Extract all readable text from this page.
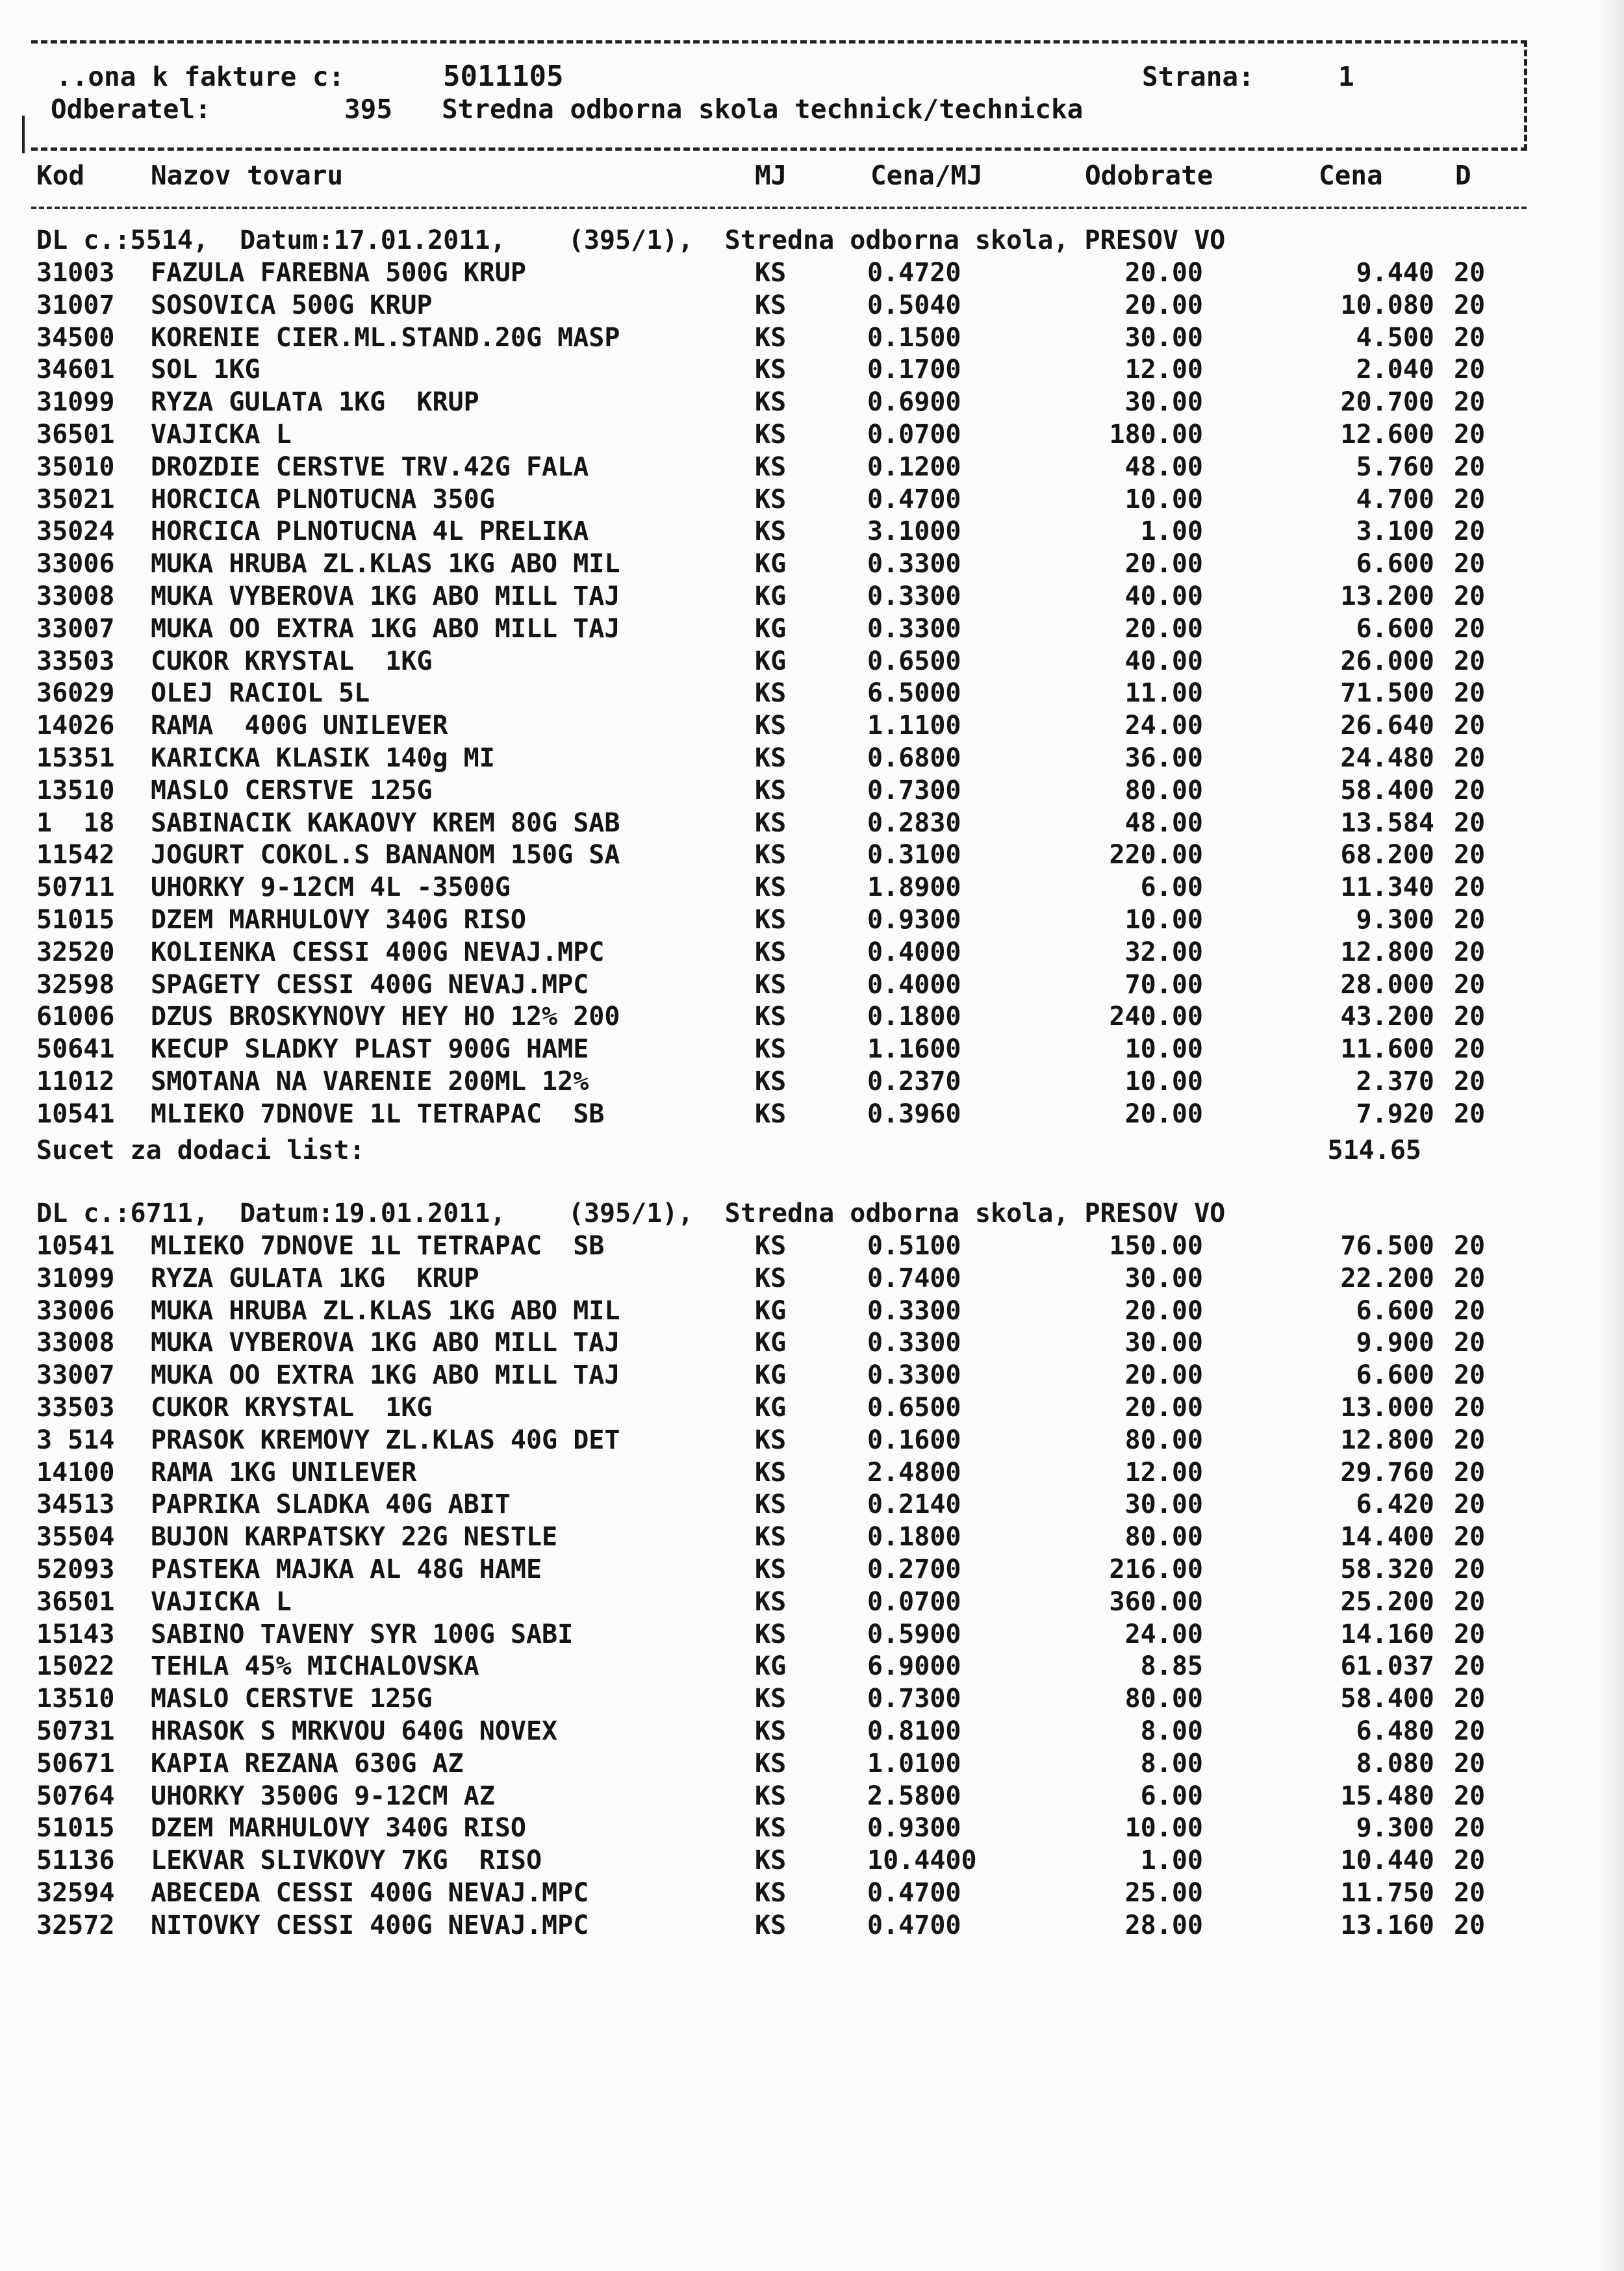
..ona k fakture c:	5011105	Strana:	1
Odberatel:	395 Stredna odborna skola technick/technicka
Kod Nazov tovaru	MJ	Cena/MJ	Odobrate	Cena	D
DL c.:5514,  Datum:17.01.2011,    (395/1),  Stredna odborna skola, PRESOV VO
31003 FAZULA FAREBNA 500G KRUP	KS	0.4720	20.00	9.440 20
31007 SOSOVICA 500G KRUP	KS	0.5040	20.00	10.080 20
34500 KORENIE CIER.ML.STAND.20G MASP	KS	0.1500	30.00	4.500 20
34601 SOL 1KG	KS	0.1700	12.00	2.040 20
31099 RYZA GULATA 1KG  KRUP	KS	0.6900	30.00	20.700 20
36501 VAJICKA L	KS	0.0700	180.00	12.600 20
35010 DROZDIE CERSTVE TRV.42G FALA	KS	0.1200	48.00	5.760 20
35021 HORCICA PLNOTUCNA 350G	KS	0.4700	10.00	4.700 20
35024 HORCICA PLNOTUCNA 4L PRELIKA	KS	3.1000	1.00	3.100 20
33006 MUKA HRUBA ZL.KLAS 1KG ABO MIL	KG	0.3300	20.00	6.600 20
33008 MUKA VYBEROVA 1KG ABO MILL TAJ	KG	0.3300	40.00	13.200 20
33007 MUKA OO EXTRA 1KG ABO MILL TAJ	KG	0.3300	20.00	6.600 20
33503 CUKOR KRYSTAL  1KG	KG	0.6500	40.00	26.000 20
36029 OLEJ RACIOL 5L	KS	6.5000	11.00	71.500 20
14026 RAMA  400G UNILEVER	KS	1.1100	24.00	26.640 20
15351 KARICKA KLASIK 140g MI	KS	0.6800	36.00	24.480 20
13510 MASLO CERSTVE 125G	KS	0.7300	80.00	58.400 20
1  18 SABINACIK KAKAOVY KREM 80G SAB	KS	0.2830	48.00	13.584 20
11542 JOGURT COKOL.S BANANOM 150G SA	KS	0.3100	220.00	68.200 20
50711 UHORKY 9-12CM 4L -3500G	KS	1.8900	6.00	11.340 20
51015 DZEM MARHULOVY 340G RISO	KS	0.9300	10.00	9.300 20
32520 KOLIENKA CESSI 400G NEVAJ.MPC	KS	0.4000	32.00	12.800 20
32598 SPAGETY CESSI 400G NEVAJ.MPC	KS	0.4000	70.00	28.000 20
61006 DZUS BROSKYNOVY HEY HO 12% 200	KS	0.1800	240.00	43.200 20
50641 KECUP SLADKY PLAST 900G HAME	KS	1.1600	10.00	11.600 20
11012 SMOTANA NA VARENIE 200ML 12%	KS	0.2370	10.00	2.370 20
10541 MLIEKO 7DNOVE 1L TETRAPAC  SB	KS	0.3960	20.00	7.920 20
Sucet za dodaci list:	514.65
DL c.:6711,  Datum:19.01.2011,    (395/1),  Stredna odborna skola, PRESOV VO
10541 MLIEKO 7DNOVE 1L TETRAPAC  SB	KS	0.5100	150.00	76.500 20
31099 RYZA GULATA 1KG  KRUP	KS	0.7400	30.00	22.200 20
33006 MUKA HRUBA ZL.KLAS 1KG ABO MIL	KG	0.3300	20.00	6.600 20
33008 MUKA VYBEROVA 1KG ABO MILL TAJ	KG	0.3300	30.00	9.900 20
33007 MUKA OO EXTRA 1KG ABO MILL TAJ	KG	0.3300	20.00	6.600 20
33503 CUKOR KRYSTAL  1KG	KG	0.6500	20.00	13.000 20
3 514 PRASOK KREMOVY ZL.KLAS 40G DET	KS	0.1600	80.00	12.800 20
14100 RAMA 1KG UNILEVER	KS	2.4800	12.00	29.760 20
34513 PAPRIKA SLADKA 40G ABIT	KS	0.2140	30.00	6.420 20
35504 BUJON KARPATSKY 22G NESTLE	KS	0.1800	80.00	14.400 20
52093 PASTEKA MAJKA AL 48G HAME	KS	0.2700	216.00	58.320 20
36501 VAJICKA L	KS	0.0700	360.00	25.200 20
15143 SABINO TAVENY SYR 100G SABI	KS	0.5900	24.00	14.160 20
15022 TEHLA 45% MICHALOVSKA	KG	6.9000	8.85	61.037 20
13510 MASLO CERSTVE 125G	KS	0.7300	80.00	58.400 20
50731 HRASOK S MRKVOU 640G NOVEX	KS	0.8100	8.00	6.480 20
50671 KAPIA REZANA 630G AZ	KS	1.0100	8.00	8.080 20
50764 UHORKY 3500G 9-12CM AZ	KS	2.5800	6.00	15.480 20
51015 DZEM MARHULOVY 340G RISO	KS	0.9300	10.00	9.300 20
51136 LEKVAR SLIVKOVY 7KG  RISO	KS	10.4400	1.00	10.440 20
32594 ABECEDA CESSI 400G NEVAJ.MPC	KS	0.4700	25.00	11.750 20
32572 NITOVKY CESSI 400G NEVAJ.MPC	KS	0.4700	28.00	13.160 20
